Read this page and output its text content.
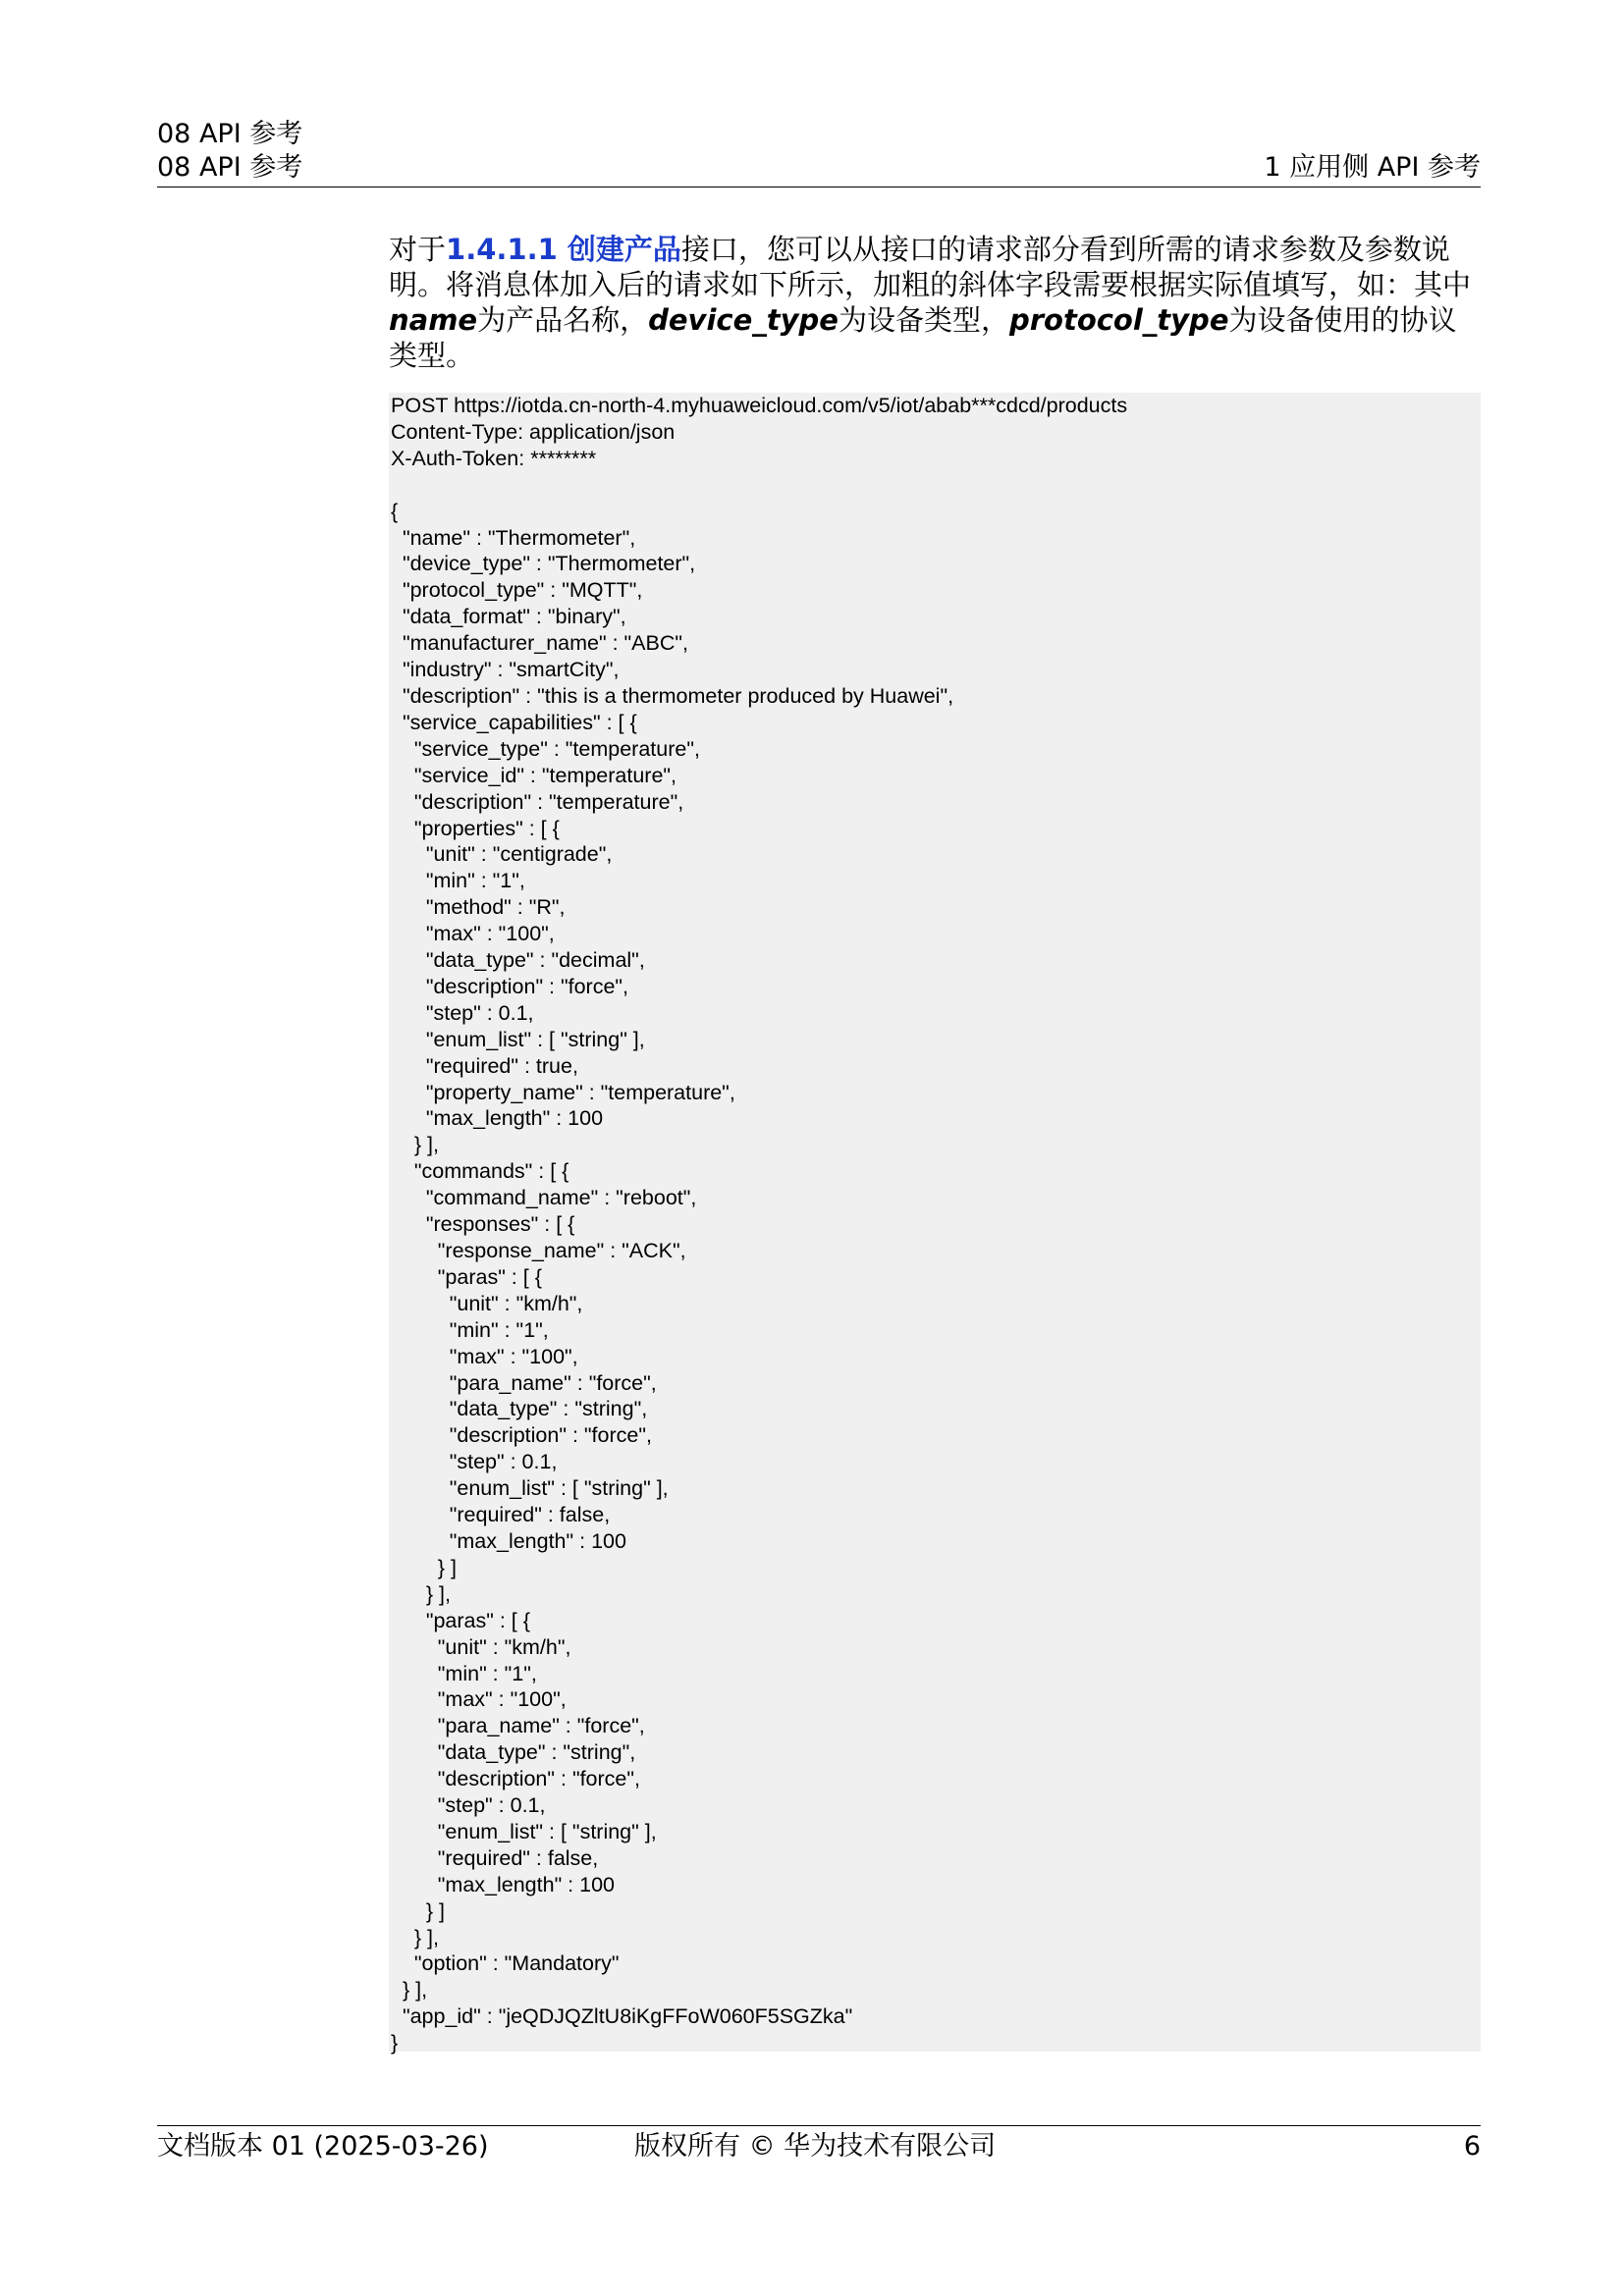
08 API 参考
08 API 参考	1 应用侧 API 参考

对于1.4.1.1 创建产品接口，您可以从接口的请求部分看到所需的请求参数及参数说明。将消息体加入后的请求如下所示，加粗的斜体字段需要根据实际值填写，如：其中name为产品名称，device_type为设备类型，protocol_type为设备使用的协议类型。

POST https://iotda.cn-north-4.myhuaweicloud.com/v5/iot/abab***cdcd/products
Content-Type: application/json
X-Auth-Token: ********

{
"name" : "Thermometer",
"device_type" : "Thermometer",
"protocol_type" : "MQTT",
"data_format" : "binary",
"manufacturer_name" : "ABC",
"industry" : "smartCity",
"description" : "this is a thermometer produced by Huawei",
"service_capabilities" : [ {
"service_type" : "temperature",
"service_id" : "temperature",
"description" : "temperature",
"properties" : [ {
"unit" : "centigrade",
"min" : "1",
"method" : "R",
"max" : "100",
"data_type" : "decimal",
"description" : "force",
"step" : 0.1,
"enum_list" : [ "string" ],
"required" : true,
"property_name" : "temperature",
"max_length" : 100
} ],
"commands" : [ {
"command_name" : "reboot",
"responses" : [ {
"response_name" : "ACK",
"paras" : [ {
"unit" : "km/h",
"min" : "1",
"max" : "100",
"para_name" : "force",
"data_type" : "string",
"description" : "force",
"step" : 0.1,
"enum_list" : [ "string" ],
"required" : false,
"max_length" : 100
} ]
} ],
"paras" : [ {
"unit" : "km/h",
"min" : "1",
"max" : "100",
"para_name" : "force",
"data_type" : "string",
"description" : "force",
"step" : 0.1,
"enum_list" : [ "string" ],
"required" : false,
"max_length" : 100
} ]
} ],
"option" : "Mandatory"
} ],
"app_id" : "jeQDJQZltU8iKgFFoW060F5SGZka"
}
文档版本 01 (2025-03-26)	版权所有 © 华为技术有限公司	6
